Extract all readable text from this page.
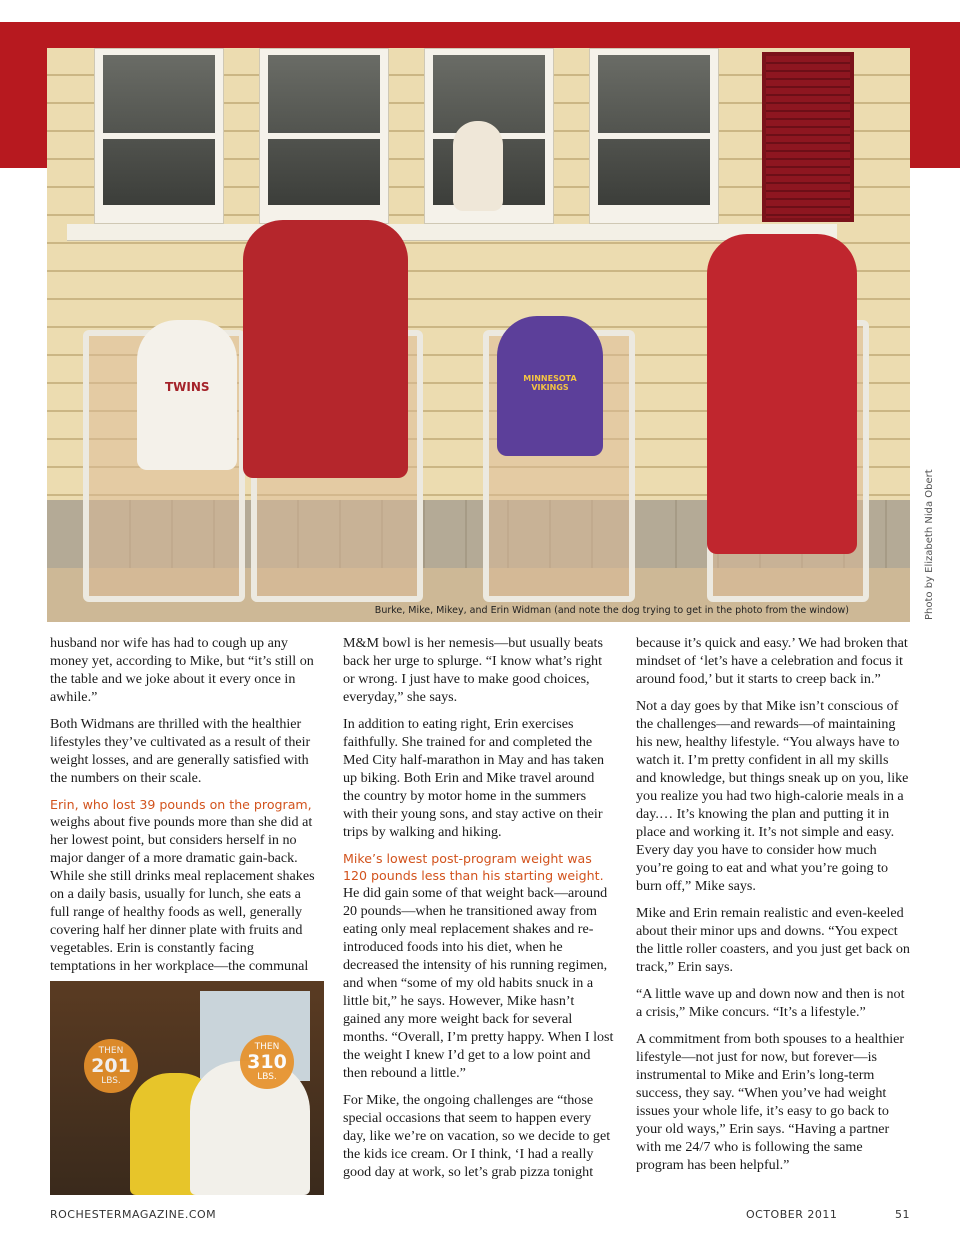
TWINS
MINNESOTA VIKINGS
Burke, Mike, Mikey, and Erin Widman (and note the dog trying to get in the photo from the window)	Photo by Elizabeth Nida Obert

husband nor wife has had to cough up any money yet, according to Mike, but “it’s still on the table and we joke about it every once in awhile.”

Both Widmans are thrilled with the healthier lifestyles they’ve cultivated as a result of their weight losses, and are generally satisfied with the numbers on their scale.

Erin, who lost 39 pounds on the program,
weighs about five pounds more than she did at her lowest point, but considers herself in no major danger of a more dramatic gain-back. While she still drinks meal replacement shakes on a daily basis, usually for lunch, she eats a full range of healthy foods as well, generally covering half her dinner plate with fruits and vegetables. Erin is constantly facing temptations in her workplace—the communal

THEN
201
LBS.
THEN
310
LBS.

M&M bowl is her nemesis—but usually beats back her urge to splurge. “I know what’s right or wrong. I just have to make good choices, everyday,” she says.

In addition to eating right, Erin exercises faithfully. She trained for and completed the Med City half-marathon in May and has taken up biking. Both Erin and Mike travel around the country by motor home in the summers with their young sons, and stay active on their trips by walking and hiking.

Mike’s lowest post-program weight was 120 pounds less than his starting weight.
He did gain some of that weight back—around 20 pounds—when he transitioned away from eating only meal replacement shakes and re-introduced foods into his diet, when he decreased the intensity of his running regimen, and when “some of my old habits snuck in a little bit,” he says. However, Mike hasn’t gained any more weight back for several months. “Overall, I’m pretty happy. When I lost the weight I knew I’d get to a low point and then rebound a little.”

For Mike, the ongoing challenges are “those special occasions that seem to happen every day, like we’re on vacation, so we decide to get the kids ice cream. Or I think, ‘I had a really good day at work, so let’s grab pizza tonight

because it’s quick and easy.’ We had broken that mindset of ‘let’s have a celebration and focus it around food,’ but it starts to creep back in.”

Not a day goes by that Mike isn’t conscious of the challenges—and rewards—of maintaining his new, healthy lifestyle. “You always have to watch it. I’m pretty confident in all my skills and knowledge, but things sneak up on you, like you realize you had two high-calorie meals in a day.… It’s knowing the plan and putting it in place and working it. It’s not simple and easy. Every day you have to consider how much you’re going to eat and what you’re going to burn off,” Mike says.

Mike and Erin remain realistic and even-keeled about their minor ups and downs. “You expect the little roller coasters, and you just get back on track,” Erin says.

“A little wave up and down now and then is not a crisis,” Mike concurs. “It’s a lifestyle.”

A commitment from both spouses to a healthier lifestyle—not just for now, but forever—is instrumental to Mike and Erin’s long-term success, they say. “When you’ve had weight issues your whole life, it’s easy to go back to your old ways,” Erin says. “Having a partner with me 24/7 who is following the same program has been helpful.”

ROCHESTERMAGAZINE.COM	OCTOBER 2011	51
